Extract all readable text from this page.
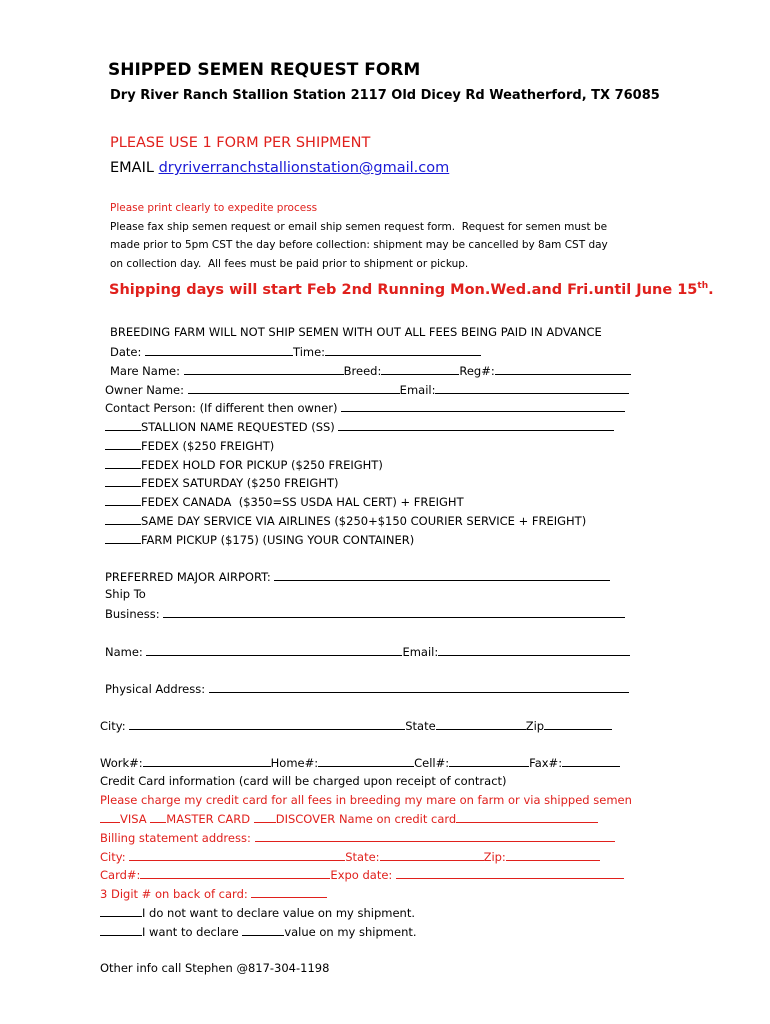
SHIPPED SEMEN REQUEST FORM
Dry River Ranch Stallion Station 2117 Old Dicey Rd Weatherford, TX 76085
PLEASE USE 1 FORM PER SHIPMENT
EMAIL dryriverranchstallionstation@gmail.com
Please print clearly to expedite process
Please fax ship semen request or email ship semen request form.  Request for semen must be
made prior to 5pm CST the day before collection: shipment may be cancelled by 8am CST day
on collection day.  All fees must be paid prior to shipment or pickup.
Shipping days will start Feb 2nd Running Mon.Wed.and Fri.until June 15th.
BREEDING FARM WILL NOT SHIP SEMEN WITH OUT ALL FEES BEING PAID IN ADVANCE
Date:	Time:
Mare Name:	Breed:	Reg#:
Owner Name:	Email:
Contact Person: (If different then owner)
STALLION NAME REQUESTED (SS)
FEDEX ($250 FREIGHT)
FEDEX HOLD FOR PICKUP ($250 FREIGHT)
FEDEX SATURDAY ($250 FREIGHT)
FEDEX CANADA  ($350=SS USDA HAL CERT) + FREIGHT
SAME DAY SERVICE VIA AIRLINES ($250+$150 COURIER SERVICE + FREIGHT)
FARM PICKUP ($175) (USING YOUR CONTAINER)
PREFERRED MAJOR AIRPORT:
Ship To
Business:
Name:	Email:
Physical Address:
City:	State	Zip
Work#:	Home#:	Cell#:	Fax#:
Credit Card information (card will be charged upon receipt of contract)
Please charge my credit card for all fees in breeding my mare on farm or via shipped semen
VISA MASTER CARD DISCOVER Name on credit card
Billing statement address:
City:	State:	Zip:
Card#:	Expo date:
3 Digit # on back of card:
I do not want to declare value on my shipment.
I want to declare	value on my shipment.
Other info call Stephen @817-304-1198
